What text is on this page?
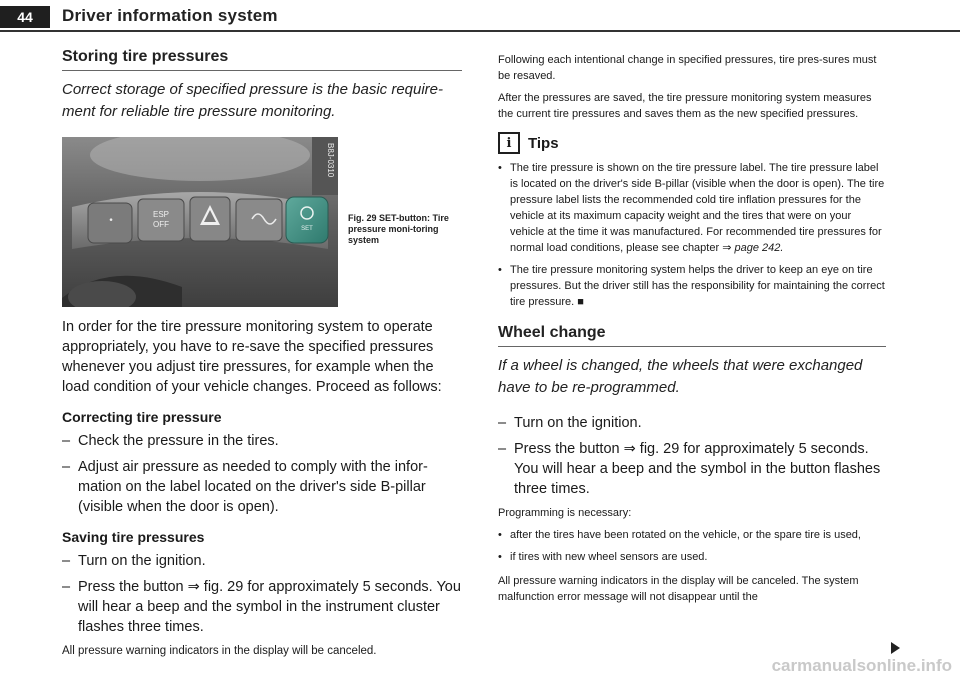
44	Driver information system
Storing tire pressures
Correct storage of specified pressure is the basic require-ment for reliable tire pressure monitoring.
•
ESP
OFF	SET
B8J-0310
Fig. 29 SET-button: Tire pressure moni-toring system

In order for the tire pressure monitoring system to operate appropriately, you have to re-save the specified pressures whenever you adjust tire pressures, for example when the load condition of your vehicle changes. Proceed as follows:

Correcting tire pressure
– Check the pressure in the tires.
– Adjust air pressure as needed to comply with the infor-mation on the label located on the driver's side B-pillar (visible when the door is open).
Saving tire pressures
– Turn on the ignition.
– Press the button ⇒ fig. 29 for approximately 5 seconds. You will hear a beep and the symbol in the instrument cluster flashes three times.

All pressure warning indicators in the display will be canceled.

Following each intentional change in specified pressures, tire pres-sures must be resaved.

After the pressures are saved, the tire pressure monitoring system measures the current tire pressures and saves them as the new specified pressures.

i	Tips
• The tire pressure is shown on the tire pressure label. The tire pressure label is located on the driver's side B-pillar (visible when the door is open). The tire pressure label lists the recommended cold tire inflation pressures for the vehicle at its maximum capacity weight and the tires that were on your vehicle at the time it was manufactured. For recommended tire pressures for normal load conditions, please see chapter ⇒ page 242.
• The tire pressure monitoring system helps the driver to keep an eye on tire pressures. But the driver still has the responsibility for maintaining the correct tire pressure. ■
Wheel change
If a wheel is changed, the wheels that were exchanged have to be re-programmed.
– Turn on the ignition.
– Press the button ⇒ fig. 29 for approximately 5 seconds. You will hear a beep and the symbol in the button flashes three times.

Programming is necessary:

• after the tires have been rotated on the vehicle, or the spare tire is used,
• if tires with new wheel sensors are used.

All pressure warning indicators in the display will be canceled. The system malfunction error message will not disappear until the

carmanualsonline.info
